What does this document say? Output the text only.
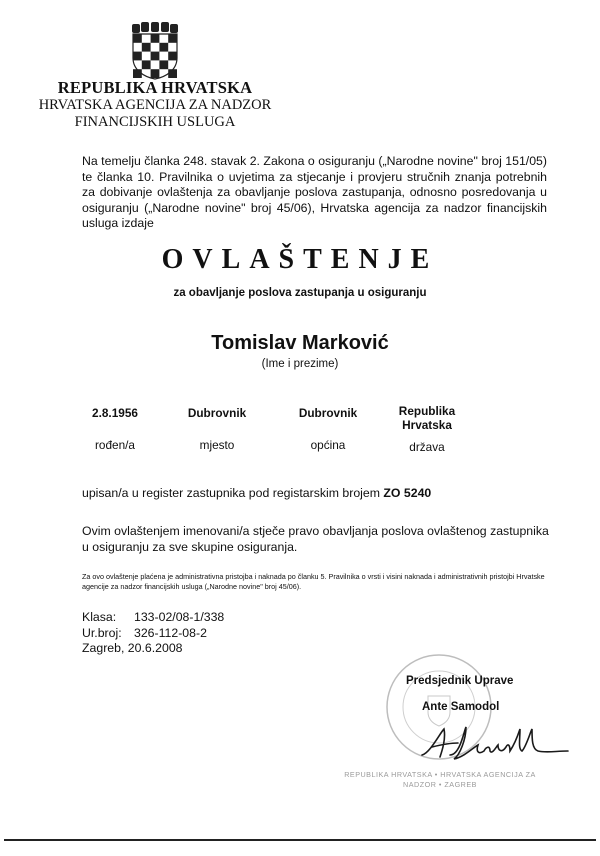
REPUBLIKA HRVATSKA
HRVATSKA AGENCIJA ZA NADZOR
FINANCIJSKIH USLUGA
Na temelju članka 248. stavak 2. Zakona o osiguranju („Narodne novine" broj 151/05) te članka 10. Pravilnika o uvjetima za stjecanje i provjeru stručnih znanja potrebnih za dobivanje ovlaštenja za obavljanje poslova zastupanja, odnosno posredovanja u osiguranju („Narodne novine" broj 45/06), Hrvatska agencija za nadzor financijskih usluga izdaje
OVLAŠTENJE
za obavljanje poslova zastupanja u osiguranju
Tomislav Marković
(Ime i prezime)
2.8.1956
rođen/a
Dubrovnik
mjesto
Dubrovnik
općina
Republika Hrvatska
država
upisan/a u register zastupnika pod registarskim brojem ZO 5240
Ovim ovlaštenjem imenovani/a stječe pravo obavljanja poslova ovlaštenog zastupnika u osiguranju za sve skupine osiguranja.
Za ovo ovlaštenje plaćena je administrativna pristojba i naknada po članku 5. Pravilnika o vrsti i visini naknada i administrativnih pristojbi Hrvatske agencije za nadzor financijskih usluga („Narodne novine" broj 45/06).
Klasa: 133-02/08-1/338
Ur.broj: 326-112-08-2
Zagreb, 20.6.2008
Predsjednik Uprave
Ante Samodol
REPUBLIKA HRVATSKA • HRVATSKA AGENCIJA ZA NADZOR • ZAGREB
